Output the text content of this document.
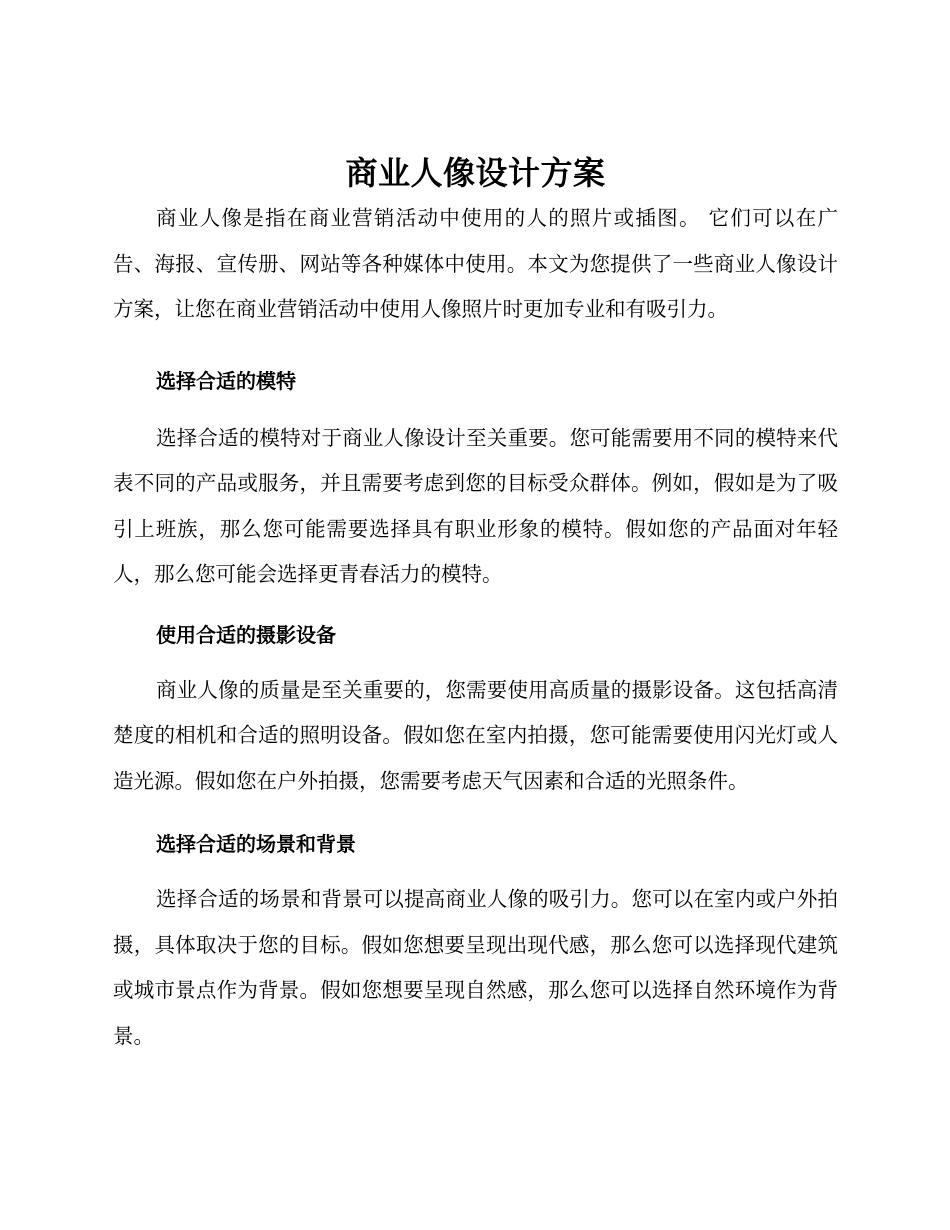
商业人像设计方案

商业人像是指在商业营销活动中使用的人的照片或插图。 它们可以在广告、海报、宣传册、网站等各种媒体中使用。本文为您提供了一些商业人像设计方案，让您在商业营销活动中使用人像照片时更加专业和有吸引力。

选择合适的模特

选择合适的模特对于商业人像设计至关重要。您可能需要用不同的模特来代表不同的产品或服务，并且需要考虑到您的目标受众群体。例如，假如是为了吸引上班族，那么您可能需要选择具有职业形象的模特。假如您的产品面对年轻人，那么您可能会选择更青春活力的模特。

使用合适的摄影设备

商业人像的质量是至关重要的，您需要使用高质量的摄影设备。这包括高清楚度的相机和合适的照明设备。假如您在室内拍摄，您可能需要使用闪光灯或人造光源。假如您在户外拍摄，您需要考虑天气因素和合适的光照条件。

选择合适的场景和背景

选择合适的场景和背景可以提高商业人像的吸引力。您可以在室内或户外拍摄，具体取决于您的目标。假如您想要呈现出现代感，那么您可以选择现代建筑或城市景点作为背景。假如您想要呈现自然感，那么您可以选择自然环境作为背景。
